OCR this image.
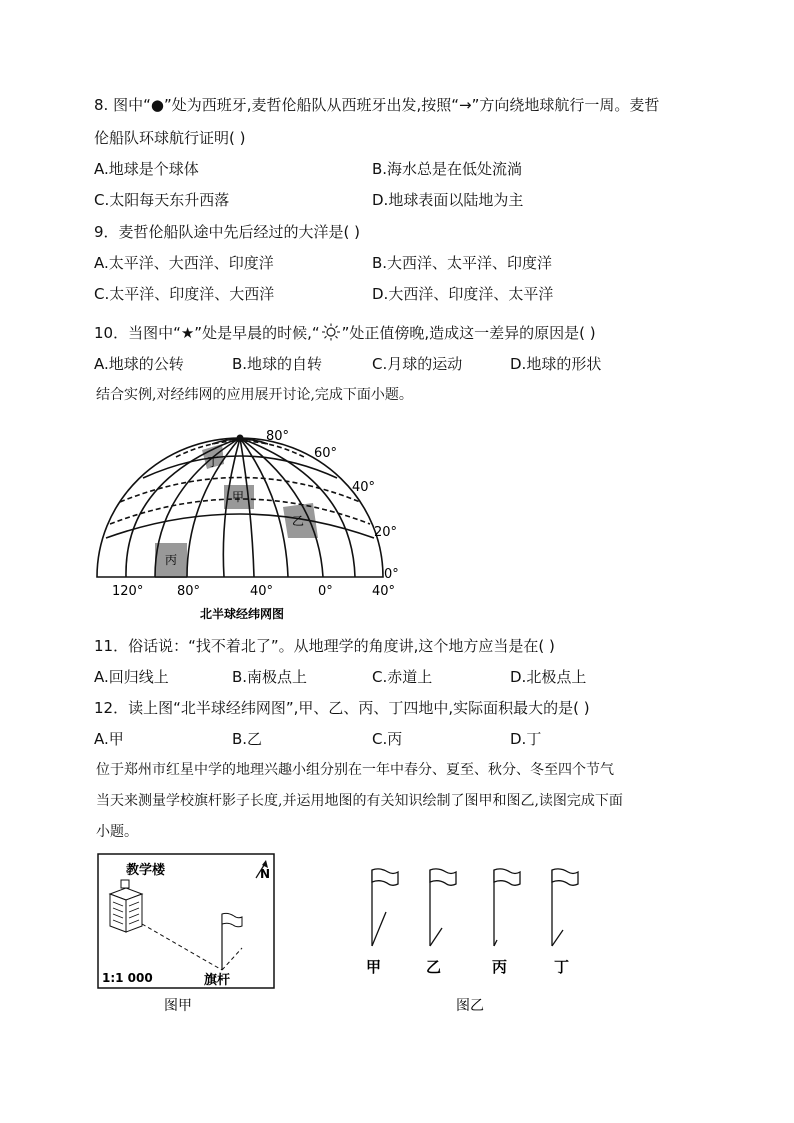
8. 图中“●”处为西班牙,麦哲伦船队从西班牙出发,按照“→”方向绕地球航行一周。麦哲
伦船队环球航行证明( )
A.地球是个球体	B.海水总是在低处流淌
C.太阳每天东升西落	D.地球表面以陆地为主
9．麦哲伦船队途中先后经过的大洋是( )
A.太平洋、大西洋、印度洋	B.大西洋、太平洋、印度洋
C.太平洋、印度洋、大西洋	D.大西洋、印度洋、太平洋
10．当图中“★”处是早晨的时候,“ ”处正值傍晚,造成这一差异的原因是( )
A.地球的公转	B.地球的自转	C.月球的运动	D.地球的形状
结合实例,对经纬网的应用展开讨论,完成下面小题。
丁
甲
乙
丙
80°
60°
40°
20°
0°
120°	80°	40°	0°	40°
北半球经纬网图
11．俗话说：“找不着北了”。从地理学的角度讲,这个地方应当是在( )
A.回归线上	B.南极点上	C.赤道上	D.北极点上
12．读上图“北半球经纬网图”,甲、乙、丙、丁四地中,实际面积最大的是( )
A.甲	B.乙	C.丙	D.丁
位于郑州市红星中学的地理兴趣小组分别在一年中春分、夏至、秋分、冬至四个节气
当天来测量学校旗杆影子长度,并运用地图的有关知识绘制了图甲和图乙,读图完成下面
小题。
教学楼	N
1:1 000	旗杆
图甲
甲	乙	丙	丁
图乙
